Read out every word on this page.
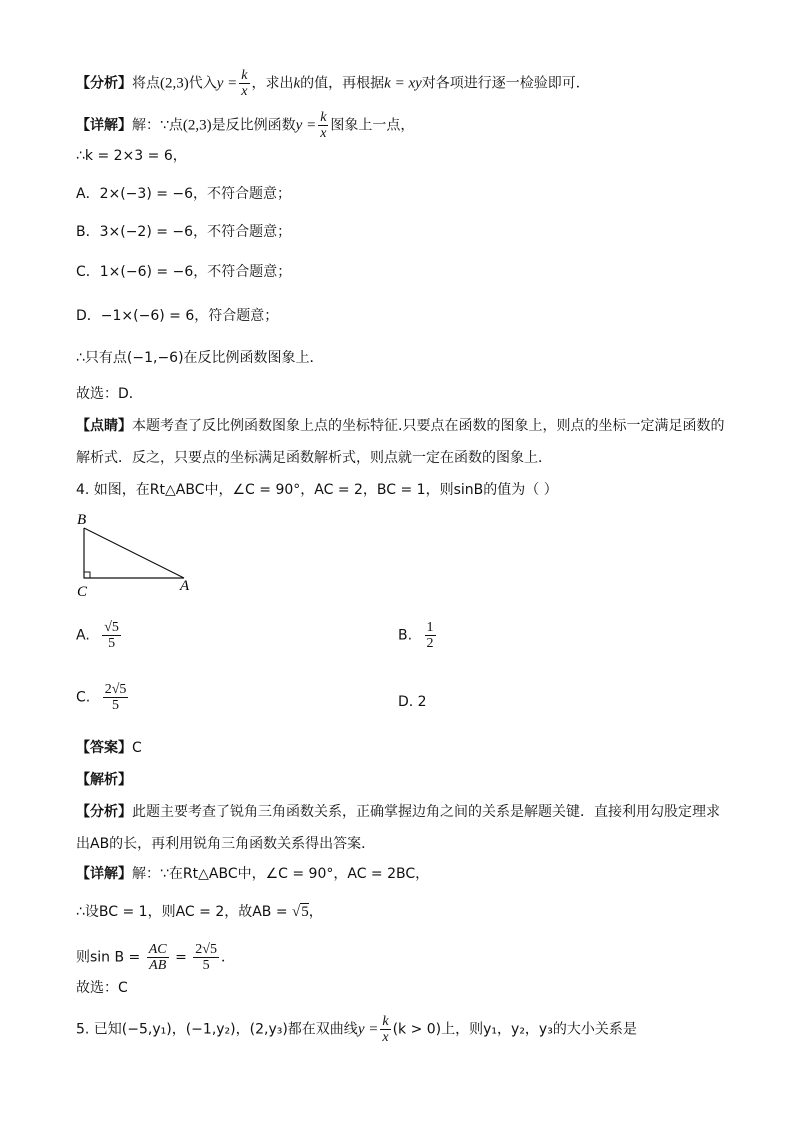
【分析】将点(2,3)代入$y = \frac{k}{x}$ ，求出k的值，再根据k = xy对各项进行逐一检验即可．
【详解】解：∵点(2,3)是反比例函数$y = \frac{k}{x}$ 图象上一点，
∴k = 2×3 = 6，
A．2×(−3) = −6，不符合题意；
B．3×(−2) = −6，不符合题意；
C．1×(−6) = −6，不符合题意；
D．−1×(−6) = 6，符合题意；
∴只有点(−1,−6)在反比例函数图象上．
故选：D．
【点睛】本题考查了反比例函数图象上点的坐标特征.只要点在函数的图象上，则点的坐标一定满足函数的
解析式．反之，只要点的坐标满足函数解析式，则点就一定在函数的图象上．
4. 如图，在Rt△ABC中，∠C = 90°，AC = 2，BC = 1，则sinB的值为（ ）
B
C	A
A. $\frac{√5}{5}$	B. $\frac{1}{2}$
C. $\frac{2√5}{5}$	D. 2
【答案】C
【解析】
【分析】此题主要考查了锐角三角函数关系，正确掌握边角之间的关系是解题关键．直接利用勾股定理求
出AB的长，再利用锐角三角函数关系得出答案．
【详解】解：∵在Rt△ABC中，∠C = 90°，AC = 2BC，
∴设BC = 1，则AC = 2，故AB = √5，
则$\sin B = \frac{AC}{AB} = \frac{2√5}{5}$ ．
故选：C
5. 已知(−5,y₁)，(−1,y₂)，(2,y₃)都在双曲线$y = \frac{k}{x} (k > 0)$上，则y₁，y₂，y₃的大小关系是
